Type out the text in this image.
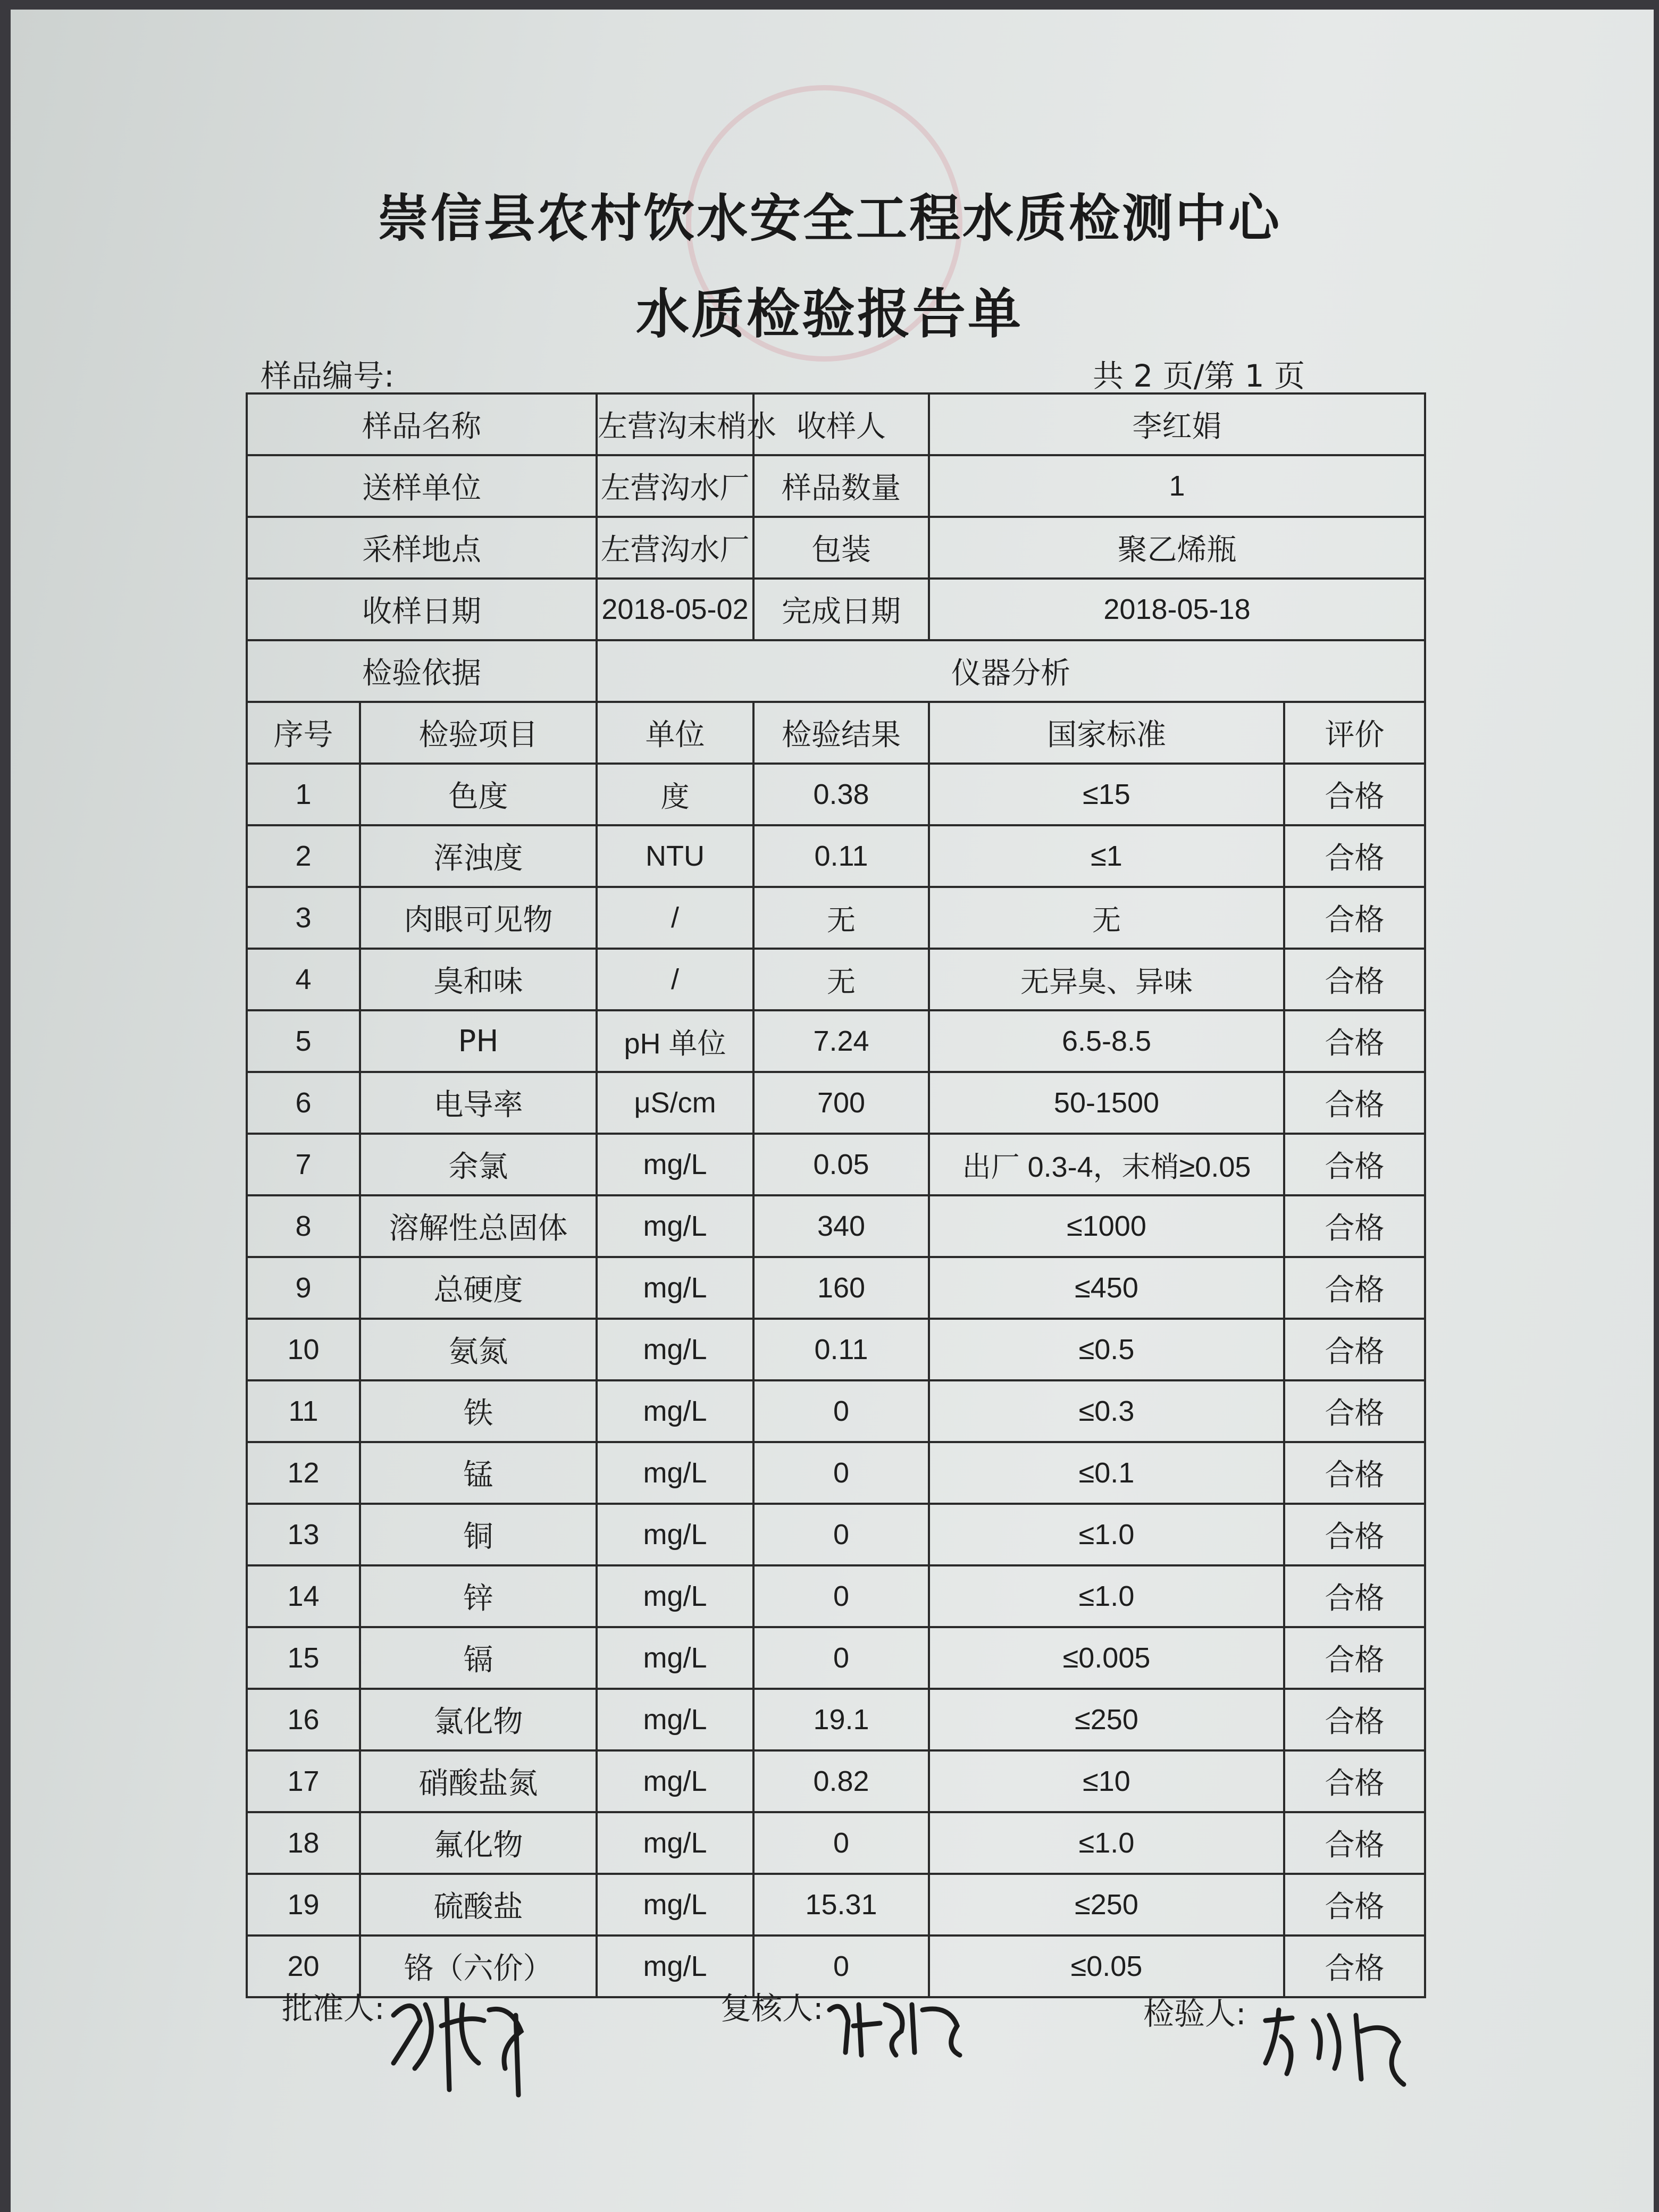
崇信县农村饮水安全工程水质检测中心
水质检验报告单
样品编号:	共 2 页/第 1 页
样品名称		左营沟末梢水	收样人	李红娟	
送样单位		左营沟水厂	样品数量	1	
采样地点		左营沟水厂	包装	聚乙烯瓶	
收样日期		2018-05-02	完成日期	2018-05-18	
检验依据		仪器分析			
序号	检验项目	单位	检验结果	国家标准	评价
1	色度	度	0.38	≤15	合格
2	浑浊度	NTU	0.11	≤1	合格
3	肉眼可见物	/	无	无	合格
4	臭和味	/	无	无异臭、异味	合格
5	PH	pH 单位	7.24	6.5-8.5	合格
6	电导率	μS/cm	700	50-1500	合格
7	余氯	mg/L	0.05	出厂 0.3-4，末梢≥0.05	合格
8	溶解性总固体	mg/L	340	≤1000	合格
9	总硬度	mg/L	160	≤450	合格
10	氨氮	mg/L	0.11	≤0.5	合格
11	铁	mg/L	0	≤0.3	合格
12	锰	mg/L	0	≤0.1	合格
13	铜	mg/L	0	≤1.0	合格
14	锌	mg/L	0	≤1.0	合格
15	镉	mg/L	0	≤0.005	合格
16	氯化物	mg/L	19.1	≤250	合格
17	硝酸盐氮	mg/L	0.82	≤10	合格
18	氟化物	mg/L	0	≤1.0	合格
19	硫酸盐	mg/L	15.31	≤250	合格
20	铬（六价）	mg/L	0	≤0.05	合格
批准人:	复核人:	检验人:
